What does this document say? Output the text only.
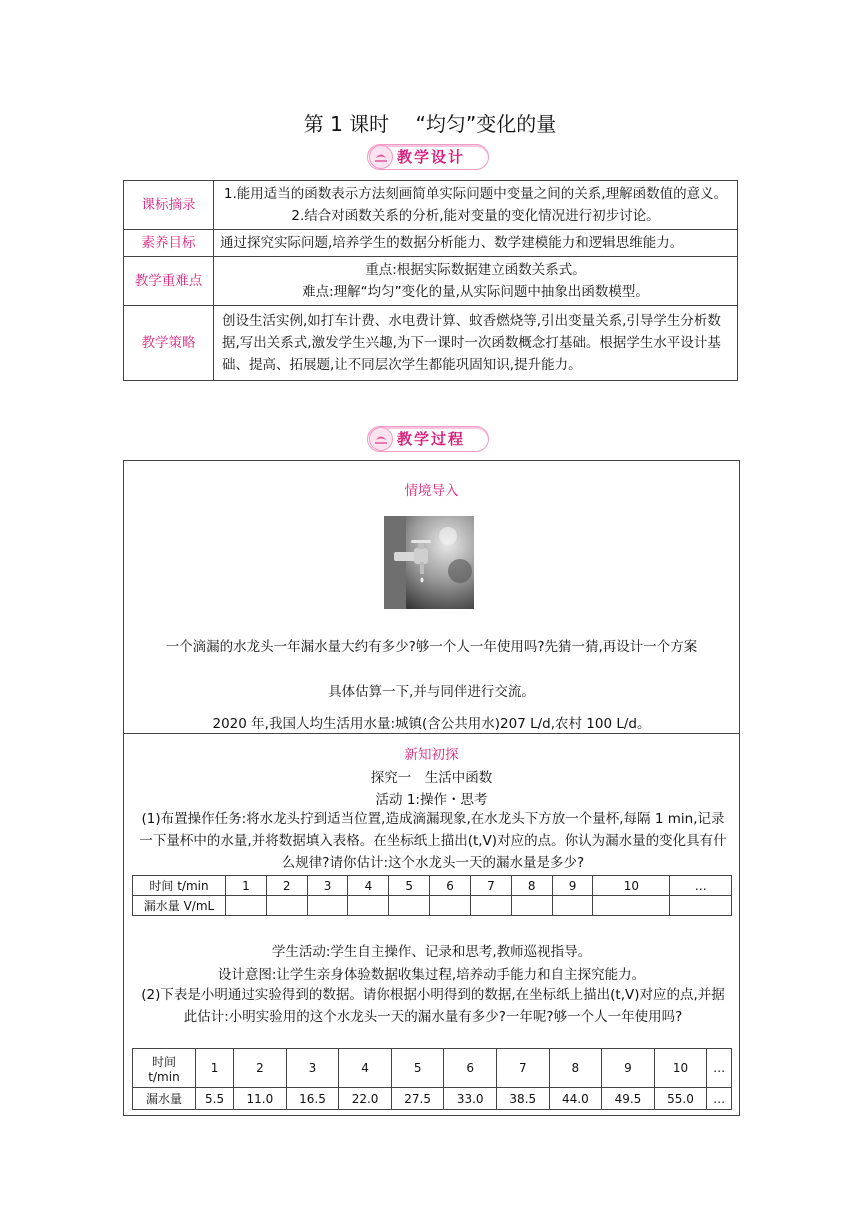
第 1 课时　 “均匀”变化的量
教学设计
课标摘录	1.能用适当的函数表示方法刻画简单实际问题中变量之间的关系,理解函数值的意义。
2.结合对函数关系的分析,能对变量的变化情况进行初步讨论。

素养目标	通过探究实际问题,培养学生的数据分析能力、数学建模能力和逻辑思维能力。
教学重难点	重点:根据实际数据建立函数关系式。
难点:理解“均匀”变化的量,从实际问题中抽象出函数模型。

教学策略	创设生活实例,如打车计费、水电费计算、蚊香燃烧等,引出变量关系,引导学生分析数据,写出关系式,激发学生兴趣,为下一课时一次函数概念打基础。根据学生水平设计基础、提高、拓展题,让不同层次学生都能巩固知识,提升能力。
教学过程
情境导入
一个滴漏的水龙头一年漏水量大约有多少?够一个人一年使用吗?先猜一猜,再设计一个方案
具体估算一下,并与同伴进行交流。
2020 年,我国人均生活用水量:城镇(含公共用水)207 L/d,农村 100 L/d。
新知初探
探究一　生活中函数
活动 1:操作・思考
(1)布置操作任务:将水龙头拧到适当位置,造成滴漏现象,在水龙头下方放一个量杯,每隔 1 min,记录一下量杯中的水量,并将数据填入表格。在坐标纸上描出(t,V)对应的点。你认为漏水量的变化具有什么规律?请你估计:这个水龙头一天的漏水量是多少?
时间 t/min	1	2	3	4	5	6	7	8	9	10	…
漏水量 V/mL											
学生活动:学生自主操作、记录和思考,教师巡视指导。
设计意图:让学生亲身体验数据收集过程,培养动手能力和自主探究能力。
(2)下表是小明通过实验得到的数据。请你根据小明得到的数据,在坐标纸上描出(t,V)对应的点,并据此估计:小明实验用的这个水龙头一天的漏水量有多少?一年呢?够一个人一年使用吗?
时间
t/min	1	2	3	4	5	6	7	8	9	10	…
漏水量	5.5	11.0	16.5	22.0	27.5	33.0	38.5	44.0	49.5	55.0	…
